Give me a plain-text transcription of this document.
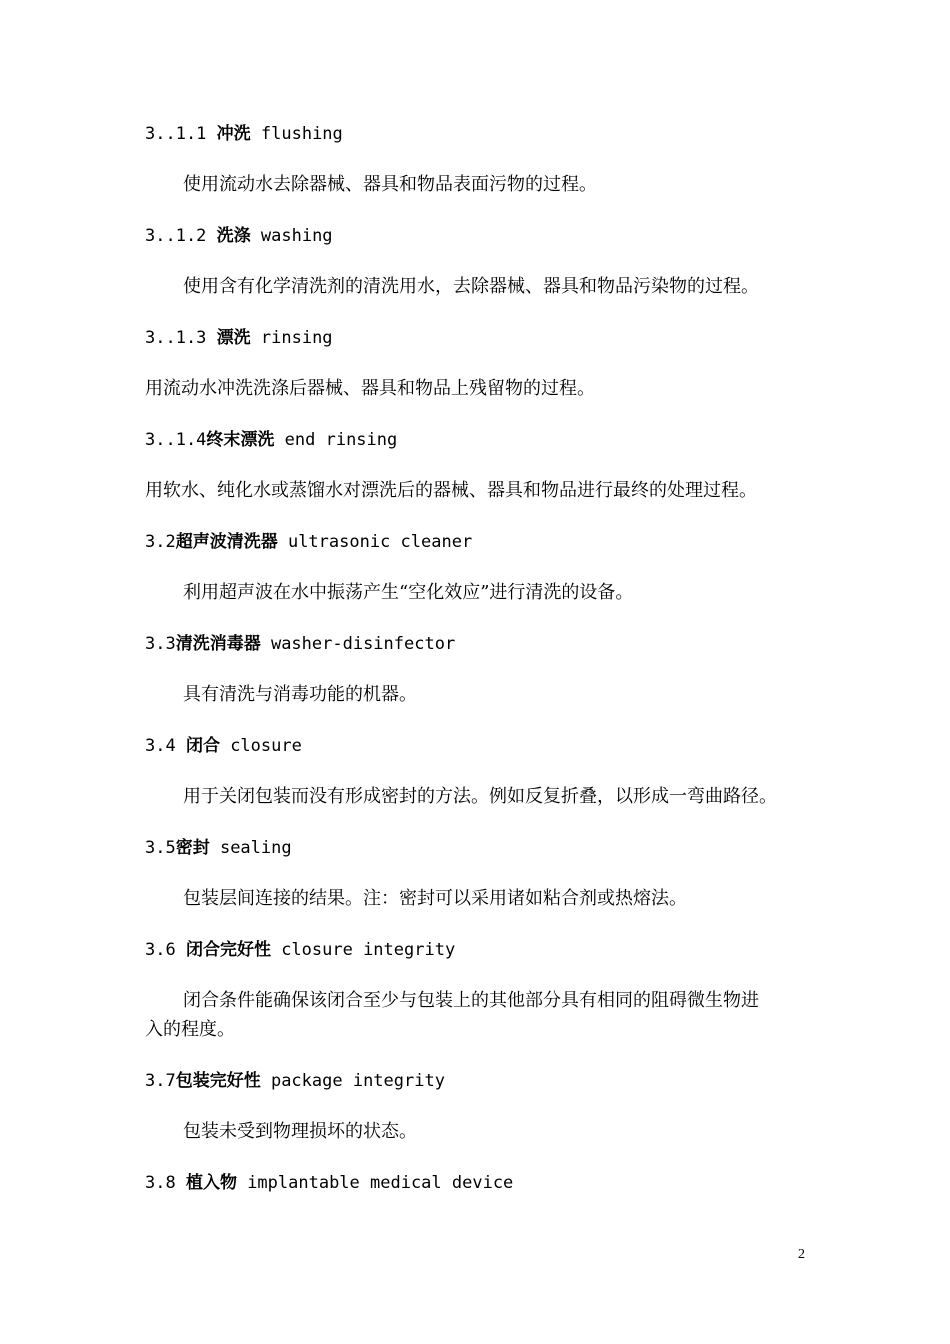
3..1.1 冲洗 flushing
使用流动水去除器械、器具和物品表面污物的过程。
3..1.2 洗涤 washing
使用含有化学清洗剂的清洗用水，去除器械、器具和物品污染物的过程。
3..1.3 漂洗 rinsing
用流动水冲洗洗涤后器械、器具和物品上残留物的过程。
3..1.4终末漂洗 end rinsing
用软水、纯化水或蒸馏水对漂洗后的器械、器具和物品进行最终的处理过程。
3.2超声波清洗器 ultrasonic cleaner
利用超声波在水中振荡产生“空化效应”进行清洗的设备。
3.3清洗消毒器 washer-disinfector
具有清洗与消毒功能的机器。
3.4 闭合 closure
用于关闭包装而没有形成密封的方法。例如反复折叠，以形成一弯曲路径。
3.5密封 sealing
包装层间连接的结果。注：密封可以采用诸如粘合剂或热熔法。
3.6 闭合完好性 closure integrity
闭合条件能确保该闭合至少与包装上的其他部分具有相同的阻碍微生物进
入的程度。
3.7包装完好性 package integrity
包装未受到物理损坏的状态。
3.8 植入物 implantable medical device
2
